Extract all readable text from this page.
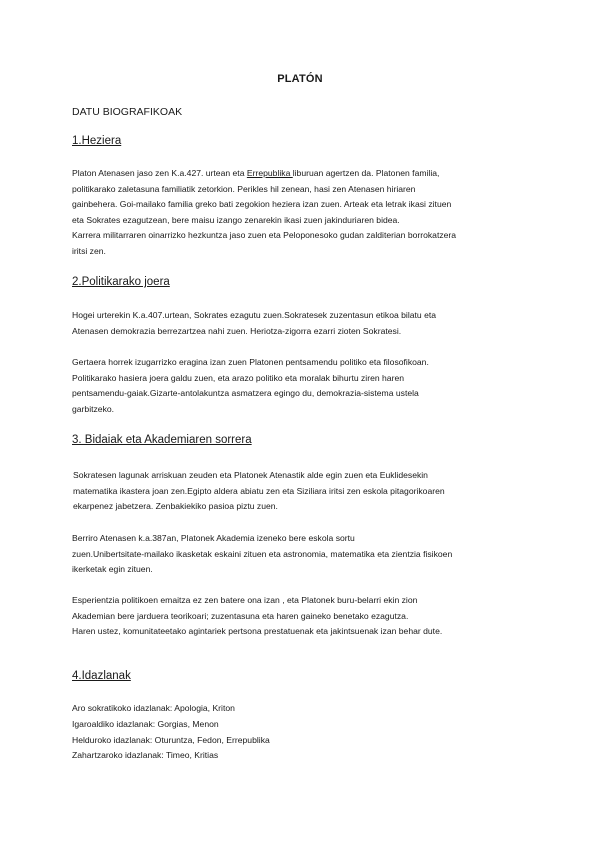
PLATÓN
DATU BIOGRAFIKOAK
1.Heziera
Platon Atenasen jaso zen K.a.427. urtean eta Errepublika liburuan agertzen da. Platonen familia,
politikarako zaletasuna familiatik zetorkion. Perikles hil zenean, hasi zen Atenasen hiriaren
gainbehera. Goi-mailako familia greko bati zegokion heziera izan zuen. Arteak eta letrak ikasi zituen
eta Sokrates ezagutzean, bere maisu izango zenarekin ikasi zuen jakinduriaren bidea.
Karrera militarraren oinarrizko hezkuntza jaso zuen eta Peloponesoko gudan zalditerian borrokatzera
iritsi zen.
2.Politikarako joera
Hogei urterekin K.a.407.urtean, Sokrates ezagutu zuen.Sokratesek zuzentasun etikoa bilatu eta
Atenasen demokrazia berrezartzea nahi zuen. Heriotza-zigorra ezarri zioten Sokratesi.
Gertaera horrek izugarrizko eragina izan zuen Platonen pentsamendu politiko eta filosofikoan.
Politikarako hasiera joera galdu zuen, eta arazo politiko eta moralak bihurtu ziren haren
pentsamendu-gaiak.Gizarte-antolakuntza asmatzera egingo du, demokrazia-sistema ustela
garbitzeko.
3. Bidaiak eta Akademiaren sorrera
Sokratesen lagunak arriskuan zeuden eta Platonek Atenastik alde egin zuen eta Euklidesekin
matematika ikastera joan zen.Egipto aldera abiatu zen eta Siziliara iritsi zen eskola pitagorikoaren
ekarpenez jabetzera. Zenbakiekiko pasioa piztu zuen.
Berriro Atenasen k.a.387an, Platonek Akademia izeneko bere eskola sortu
zuen.Unibertsitate-mailako ikasketak eskaini zituen eta astronomia, matematika eta zientzia fisikoen
ikerketak egin zituen.
Esperientzia politikoen emaitza ez zen batere ona izan , eta Platonek buru-belarri ekin zion
Akademian bere jarduera teorikoari; zuzentasuna eta haren gaineko benetako ezagutza.
Haren ustez, komunitateetako agintariek pertsona prestatuenak eta jakintsuenak izan behar dute.
4.Idazlanak
Aro sokratikoko idazlanak: Apologia, Kriton
Igaroaldiko idazlanak: Gorgias, Menon
Helduroko idazlanak: Oturuntza, Fedon, Errepublika
Zahartzaroko idazlanak: Timeo, Kritias
